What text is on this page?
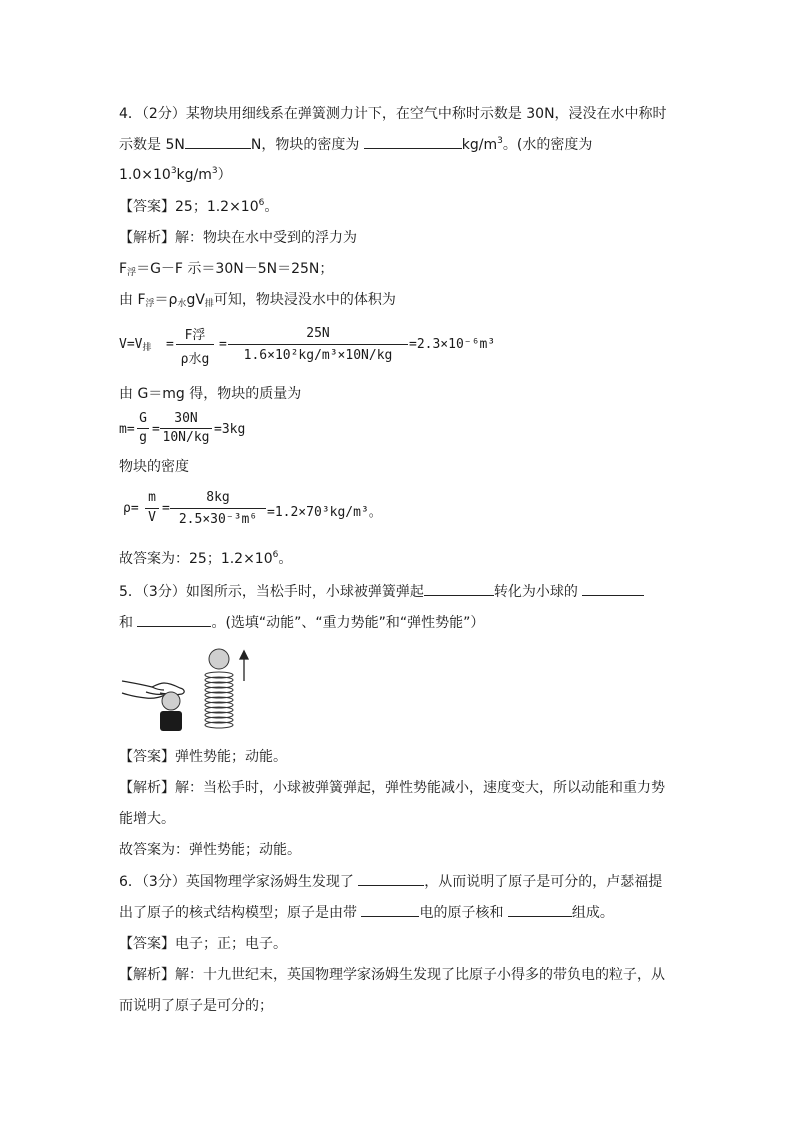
4．（2分）某物块用细线系在弹簧测力计下，在空气中称时示数是 30N，浸没在水中称时
示数是 5N	N，物块的密度为	$kg/m^3$。(水的密度为
$1.0\times 10^3kg/m^3$）
【答案】25；$1.2\times 10^6$。
【解析】解：物块在水中受到的浮力为
$F_浮=G-F$ 示＝30N－5N＝25N；
由 $F_浮=\rho_水gV_排$可知，物块浸没水中的体积为
$V=V_排$ =
F浮
ρ水g
=
25N
1.6×10²kg/m³×10N/kg
=2.3×10⁻⁶m³
由 G＝mg 得，物块的质量为
m=
G
g
=
30N
10N/kg
=3kg
物块的密度
ρ=
m
V
=
8kg
2.5×30⁻³m⁶ =1.2×70³kg/m³。
故答案为：25；$1.2\times 10^6$。
5．（3分）如图所示，当松手时，小球被弹簧弹起	转化为小球的
和	。(选填“动能”、“重力势能”和“弹性势能”）
【答案】弹性势能；动能。
【解析】解：当松手时，小球被弹簧弹起，弹性势能减小，速度变大，所以动能和重力势
能增大。
故答案为：弹性势能；动能。
6．（3分）英国物理学家汤姆生发现了	，从而说明了原子是可分的，卢瑟福提
出了原子的核式结构模型；原子是由带	电的原子核和	组成。
【答案】电子；正；电子。
【解析】解：十九世纪末，英国物理学家汤姆生发现了比原子小得多的带负电的粒子，从
而说明了原子是可分的；
